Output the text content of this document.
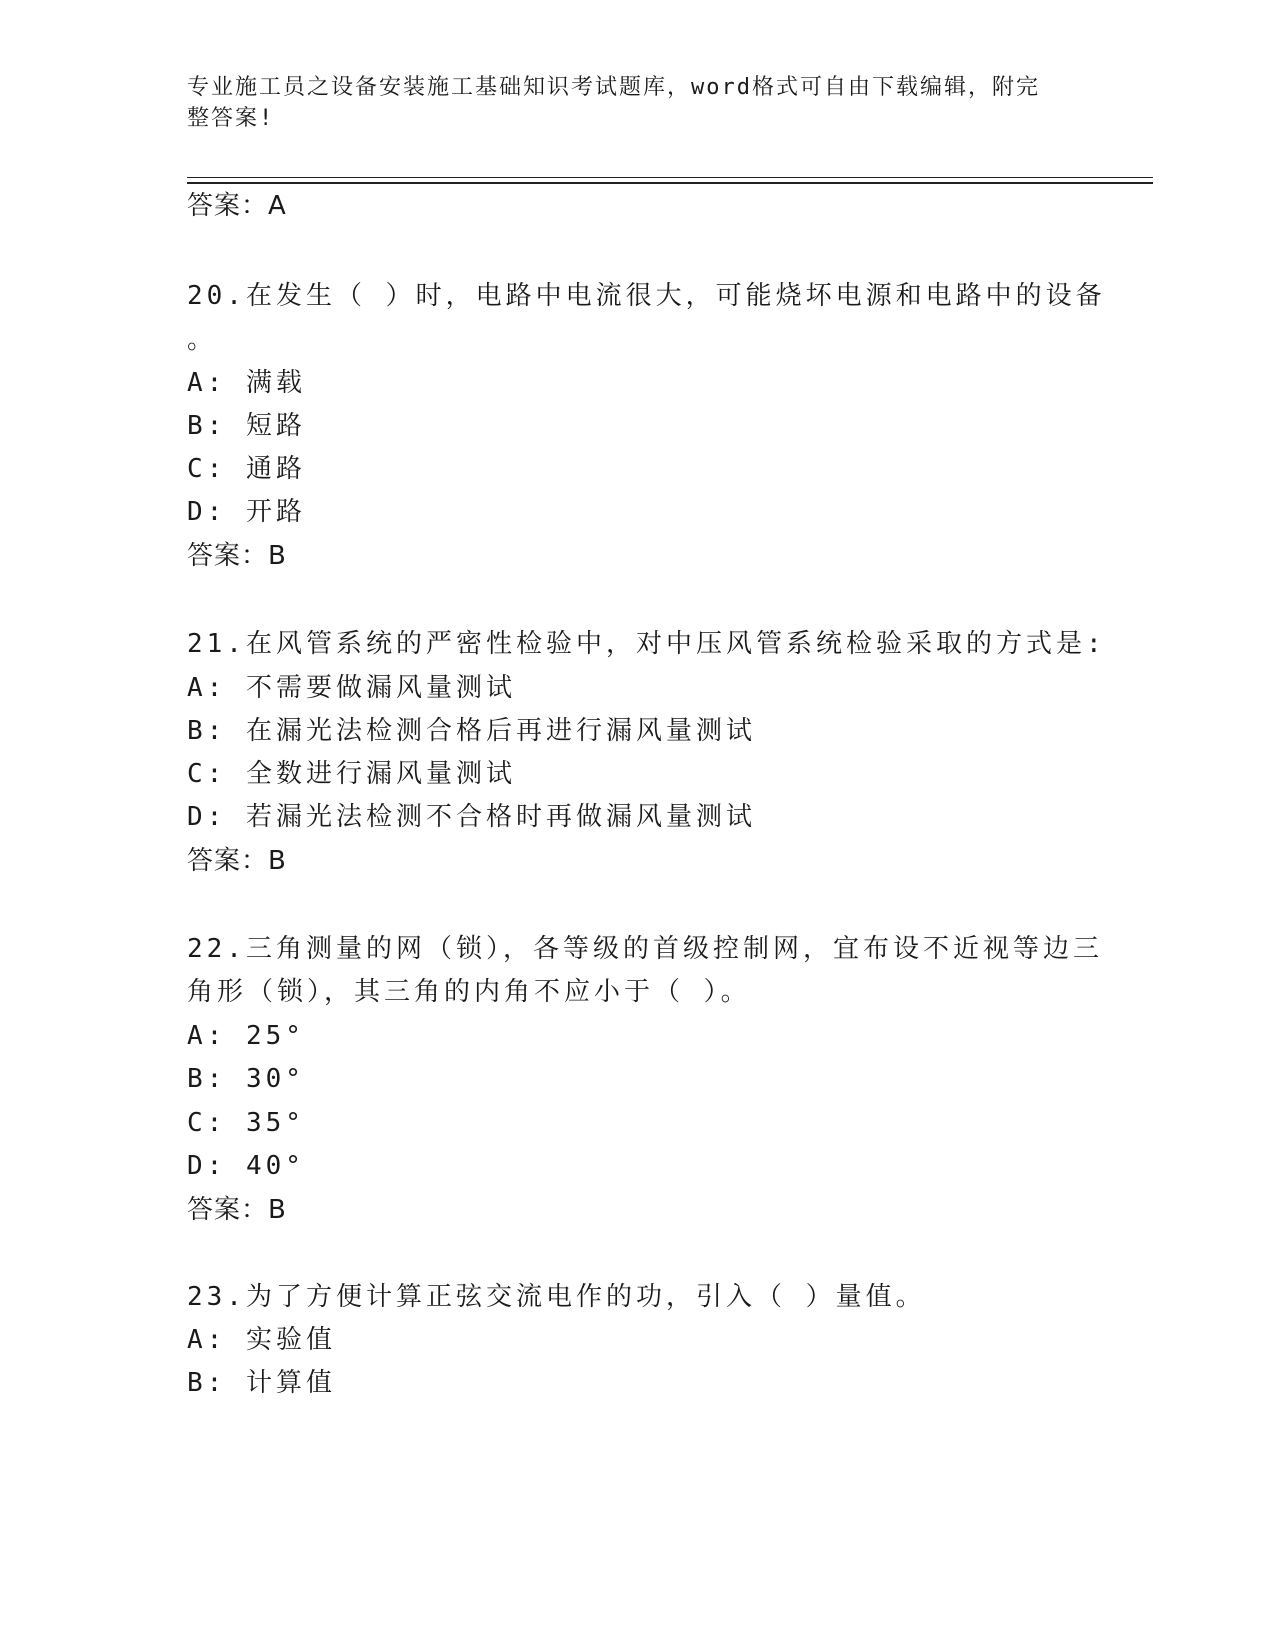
专业施工员之设备安装施工基础知识考试题库，word格式可自由下载编辑，附完
整答案!
答案：A
20.在发生（ ）时，电路中电流很大，可能烧坏电源和电路中的设备
。
A: 满载
B: 短路
C: 通路
D: 开路
答案：B
21.在风管系统的严密性检验中，对中压风管系统检验采取的方式是:
A: 不需要做漏风量测试
B: 在漏光法检测合格后再进行漏风量测试
C: 全数进行漏风量测试
D: 若漏光法检测不合格时再做漏风量测试
答案：B
22.三角测量的网（锁），各等级的首级控制网，宜布设不近视等边三
角形（锁），其三角的内角不应小于（ ）。
A: 25°
B: 30°
C: 35°
D: 40°
答案：B
23.为了方便计算正弦交流电作的功，引入（ ）量值。
A: 实验值
B: 计算值
